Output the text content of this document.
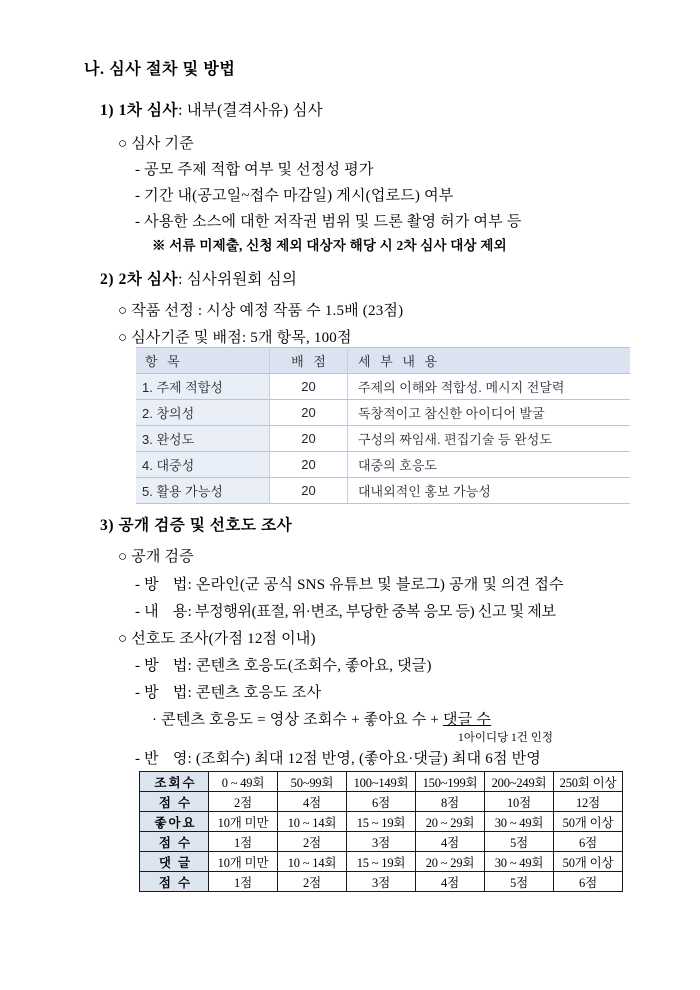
나. 심사 절차 및 방법
1) 1차 심사: 내부(결격사유) 심사
○ 심사 기준
- 공모 주제 적합 여부 및 선정성 평가
- 기간 내(공고일~접수 마감일) 게시(업로드) 여부
- 사용한 소스에 대한 저작권 범위 및 드론 촬영 허가 여부 등
※ 서류 미제출, 신청 제외 대상자 해당 시 2차 심사 대상 제외
2) 2차 심사: 심사위원회 심의
○ 작품 선정 : 시상 예정 작품 수 1.5배 (23점)
○ 심사기준 및 배점: 5개 항목, 100점
항 목	배 점	세 부 내 용
1. 주제 적합성	20	주제의 이해와 적합성. 메시지 전달력
2. 창의성	20	독창적이고 참신한 아이디어 발굴
3. 완성도	20	구성의 짜임새. 편집기술 등 완성도
4. 대중성	20	대중의 호응도
5. 활용 가능성	20	대내외적인 홍보 가능성
3) 공개 검증 및 선호도 조사
○ 공개 검증
- 방 법: 온라인(군 공식 SNS 유튜브 및 블로그) 공개 및 의견 접수
- 내 용: 부정행위(표절, 위·변조, 부당한 중복 응모 등) 신고 및 제보
○ 선호도 조사(가점 12점 이내)
- 방 법: 콘텐츠 호응도(조회수, 좋아요, 댓글)
- 방 법: 콘텐츠 호응도 조사
· 콘텐츠 호응도 = 영상 조회수 + 좋아요 수 + 댓글 수
1아이디당 1건 인정
- 반 영: (조회수) 최대 12점 반영, (좋아요·댓글) 최대 6점 반영
조회수	0 ~ 49회	50~99회	100~149회	150~199회	200~249회	250회 이상
점 수	2점	4점	6점	8점	10점	12점
좋아요	10개 미만	10 ~ 14회	15 ~ 19회	20 ~ 29회	30 ~ 49회	50개 이상
점 수	1점	2점	3점	4점	5점	6점
댓 글	10개 미만	10 ~ 14회	15 ~ 19회	20 ~ 29회	30 ~ 49회	50개 이상
점 수	1점	2점	3점	4점	5점	6점
